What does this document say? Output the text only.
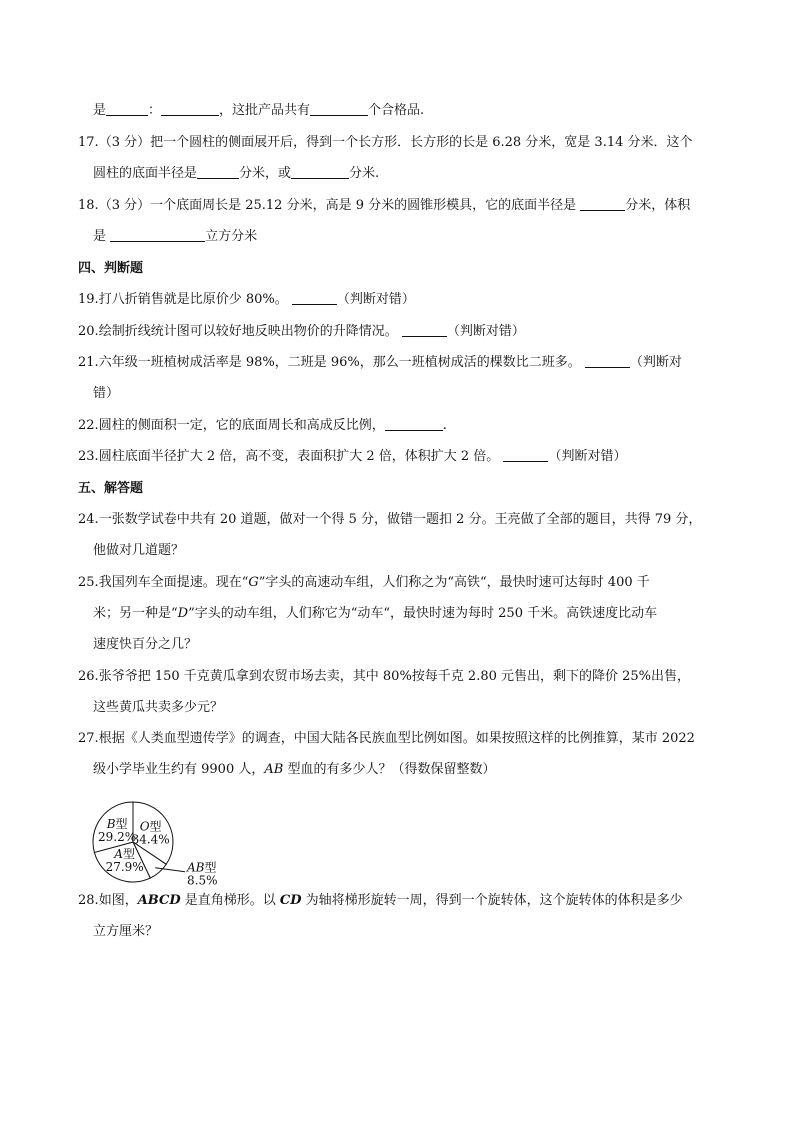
是	：	，这批产品共有	个合格品.
17.（3 分）把一个圆柱的侧面展开后，得到一个长方形．长方形的长是 6.28 分米，宽是 3.14 分米．这个
圆柱的底面半径是	分米，或	分米.
18.（3 分）一个底面周长是 25.12 分米，高是 9 分米的圆锥形模具，它的底面半径是	分米，体积
是	立方分米
四、判断题
19.打八折销售就是比原价少 80%。	（判断对错）
20.绘制折线统计图可以较好地反映出物价的升降情况。	（判断对错）
21.六年级一班植树成活率是 98%，二班是 96%，那么一班植树成活的棵数比二班多。	（判断对
错）
22.圆柱的侧面积一定，它的底面周长和高成反比例，	.
23.圆柱底面半径扩大 2 倍，高不变，表面积扩大 2 倍，体积扩大 2 倍。	（判断对错）
五、解答题
24.一张数学试卷中共有 20 道题，做对一个得 5 分，做错一题扣 2 分。王亮做了全部的题目，共得 79 分，
他做对几道题？
25.我国列车全面提速。现在“G”字头的高速动车组，人们称之为“高铁“，最快时速可达每时 400 千
米；另一种是“D”字头的动车组，人们称它为“动车“，最快时速为每时 250 千米。高铁速度比动车
速度快百分之几？
26.张爷爷把 150 千克黄瓜拿到农贸市场去卖，其中 80%按每千克 2.80 元售出，剩下的降价 25%出售，
这些黄瓜共卖多少元？
27.根据《人类血型遗传学》的调查，中国大陆各民族血型比例如图。如果按照这样的比例推算，某市 2022
级小学毕业生约有 9900 人，AB 型血的有多少人？（得数保留整数）
O型
34.4%
AB型
8.5%
A型
27.9%
B型
29.2%
28.如图，ABCD 是直角梯形。以 CD 为轴将梯形旋转一周，得到一个旋转体，这个旋转体的体积是多少
立方厘米？
